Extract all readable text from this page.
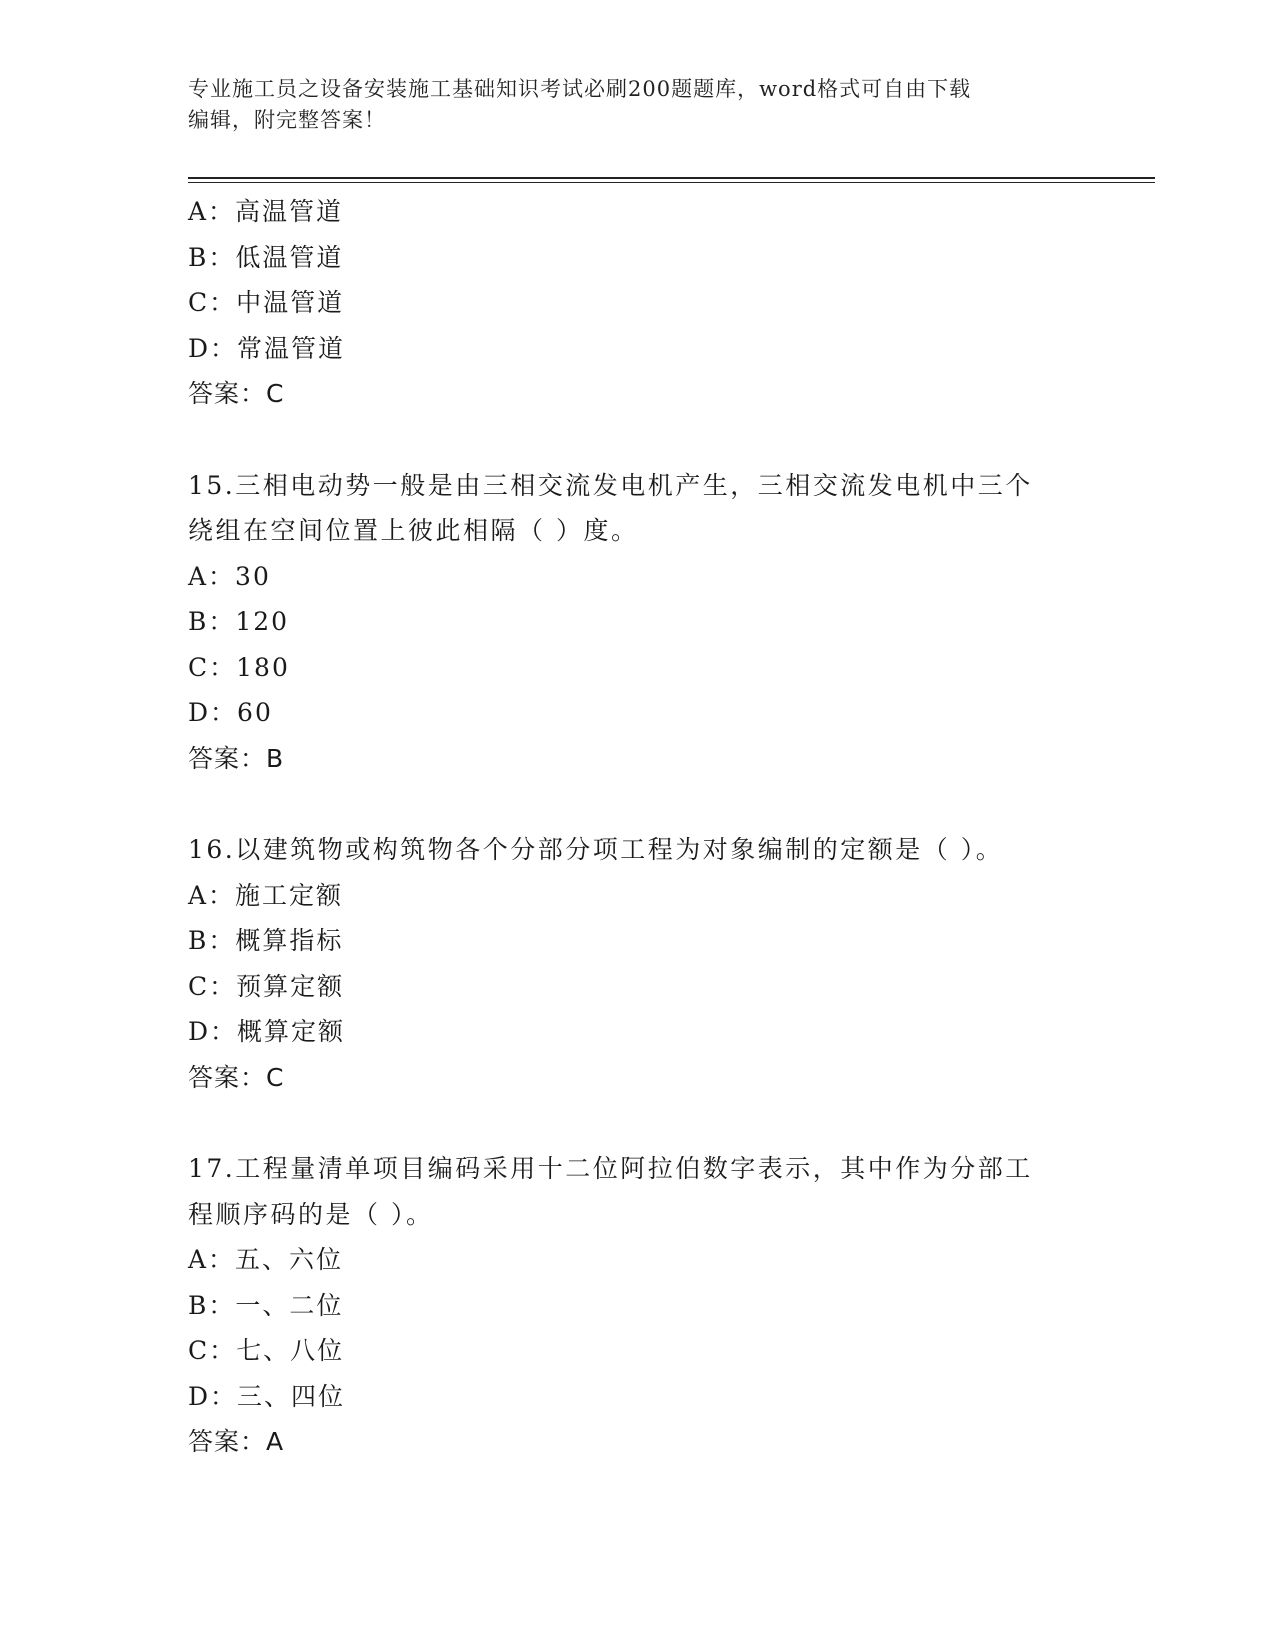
专业施工员之设备安装施工基础知识考试必刷200题题库，word格式可自由下载
编辑，附完整答案！
A：高温管道
B：低温管道
C：中温管道
D：常温管道
答案：C
15.三相电动势一般是由三相交流发电机产生，三相交流发电机中三个
绕组在空间位置上彼此相隔（ ）度。
A：30
B：120
C：180
D：60
答案：B
16.以建筑物或构筑物各个分部分项工程为对象编制的定额是（ ）。
A：施工定额
B：概算指标
C：预算定额
D：概算定额
答案：C
17.工程量清单项目编码采用十二位阿拉伯数字表示，其中作为分部工
程顺序码的是（ ）。
A：五、六位
B：一、二位
C：七、八位
D：三、四位
答案：A
